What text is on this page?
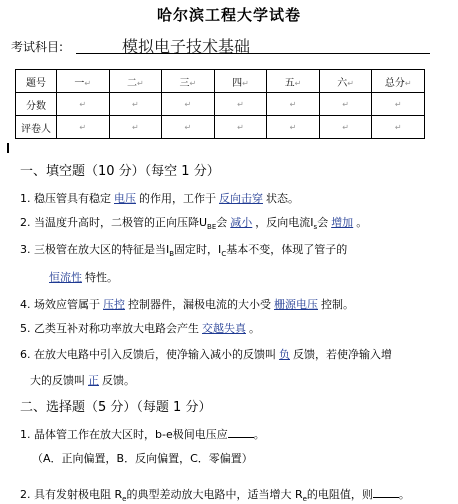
哈尔滨工程大学试卷
考试科目:	模拟电子技术基础
题号	一↵	二↵	三↵	四↵	五↵	六↵	总分↵
分数	↵	↵	↵	↵	↵	↵	↵
评卷人	↵	↵	↵	↵	↵	↵	↵
一、填空题（10 分）（每空 1 分）
1. 稳压管具有稳定 电压 的作用，工作于 反向击穿 状态。
2. 当温度升高时，二极管的正向压降$U_{BE}$会 减小 ，反向电流$I_s$会 增加 。
3. 三极管在放大区的特征是当$I_B$固定时，$I_C$基本不变，体现了管子的
恒流性 特性。
4. 场效应管属于 压控 控制器件，漏极电流的大小受 栅源电压 控制。
5. 乙类互补对称功率放大电路会产生 交越失真 。
6. 在放大电路中引入反馈后，使净输入减小的反馈叫 负 反馈，若使净输入增
大的反馈叫 正 反馈。
二、选择题（5 分）（每题 1 分）
1. 晶体管工作在放大区时，b-e极间电压应 。
（A．正向偏置，B．反向偏置，C．零偏置）
2. 具有发射极电阻 $R_e$的典型差动放大电路中，适当增大 $R_e$的电阻值，则 。
